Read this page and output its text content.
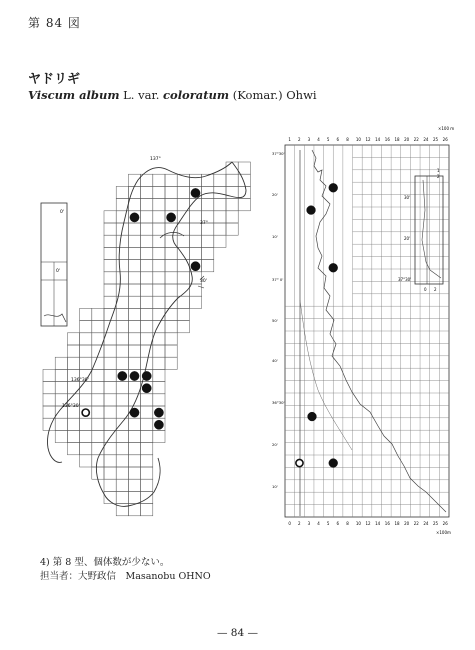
第 84 図
ヤドリギ
Viscum album L. var. coloratum (Komar.) Ohwi
0'
0'
137°
30'
37°
136°30'
136°30'
1 2 3 4 5 6 8 10 12 14 16 18 20 22 24 25 26
0 2 3 4 5 6 8 10 12 14 16 18 20 22 24 25 26
37°30'
20'
10'
37° 0'
50'
40'
36°30'
20'
10'
×100 m
×100m
30'
20'
37°30'
0 2
1
2
4) 第 8 型、個体数が少ない。
担当者：大野政信　Masanobu OHNO
— 84 —
